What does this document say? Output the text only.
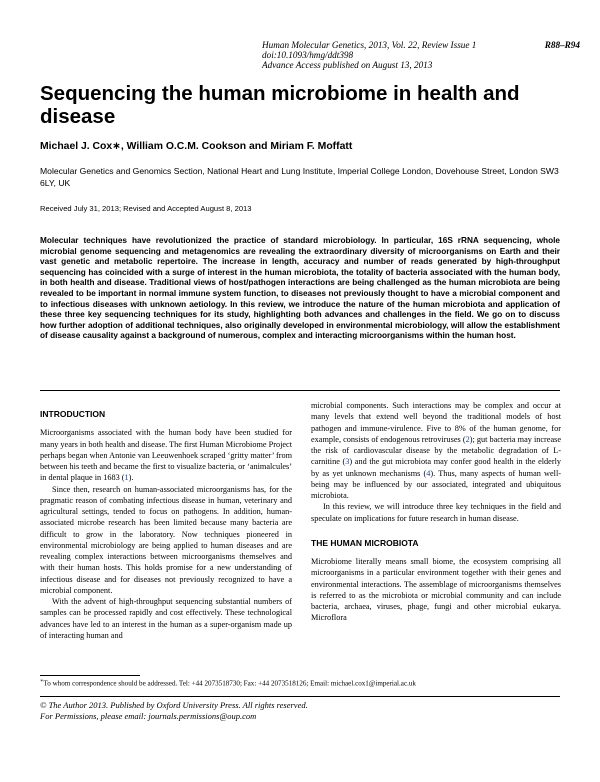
Human Molecular Genetics, 2013, Vol. 22, Review Issue 1
doi:10.1093/hmg/ddt398
Advance Access published on August 13, 2013
R88–R94
Sequencing the human microbiome in health and disease
Michael J. Cox∗, William O.C.M. Cookson and Miriam F. Moffatt
Molecular Genetics and Genomics Section, National Heart and Lung Institute, Imperial College London, Dovehouse Street, London SW3 6LY, UK
Received July 31, 2013; Revised and Accepted August 8, 2013
Molecular techniques have revolutionized the practice of standard microbiology. In particular, 16S rRNA sequencing, whole microbial genome sequencing and metagenomics are revealing the extraordinary diversity of microorganisms on Earth and their vast genetic and metabolic repertoire. The increase in length, accuracy and number of reads generated by high-throughput sequencing has coincided with a surge of interest in the human microbiota, the totality of bacteria associated with the human body, in both health and disease. Traditional views of host/pathogen interactions are being challenged as the human microbiota are being revealed to be important in normal immune system function, to diseases not previously thought to have a microbial component and to infectious diseases with unknown aetiology. In this review, we introduce the nature of the human microbiota and application of these three key sequencing techniques for its study, highlighting both advances and challenges in the field. We go on to discuss how further adoption of additional techniques, also originally developed in environmental microbiology, will allow the establishment of disease causality against a background of numerous, complex and interacting microorganisms within the human host.
INTRODUCTION

Microorganisms associated with the human body have been studied for many years in both health and disease. The first Human Microbiome Project perhaps began when Antonie van Leeuwenhoek scraped ‘gritty matter’ from between his teeth and became the first to visualize bacteria, or ‘animalcules’ in dental plaque in 1683 (1).

Since then, research on human-associated microorganisms has, for the pragmatic reason of combating infectious disease in human, veterinary and agricultural settings, tended to focus on pathogens. In addition, human-associated microbe research has been limited because many bacteria are difficult to grow in the laboratory. Now techniques pioneered in environmental microbiology are being applied to human diseases and are revealing complex interactions between microorganisms themselves and with their human hosts. This holds promise for a new understanding of infectious disease and for diseases not previously recognized to have a microbial component.

With the advent of high-throughput sequencing substantial numbers of samples can be processed rapidly and cost effectively. These technological advances have led to an interest in the human as a super-organism made up of interacting human and

microbial components. Such interactions may be complex and occur at many levels that extend well beyond the traditional models of host pathogen and immune-virulence. Five to 8% of the human genome, for example, consists of endogenous retroviruses (2); gut bacteria may increase the risk of cardiovascular disease by the metabolic degradation of L-carnitine (3) and the gut microbiota may confer good health in the elderly by as yet unknown mechanisms (4). Thus, many aspects of human well-being may be influenced by our associated, integrated and ubiquitous microbiota.

In this review, we will introduce three key techniques in the field and speculate on implications for future research in human disease.

THE HUMAN MICROBIOTA

Microbiome literally means small biome, the ecosystem comprising all microorganisms in a particular environment together with their genes and environmental interactions. The assemblage of microorganisms themselves is referred to as the microbiota or microbial community and can include bacteria, archaea, viruses, phage, fungi and other microbial eukarya. Microflora

∗To whom correspondence should be addressed. Tel: +44 2073518730; Fax: +44 2073518126; Email: michael.cox1@imperial.ac.uk
© The Author 2013. Published by Oxford University Press. All rights reserved.
For Permissions, please email: journals.permissions@oup.com
